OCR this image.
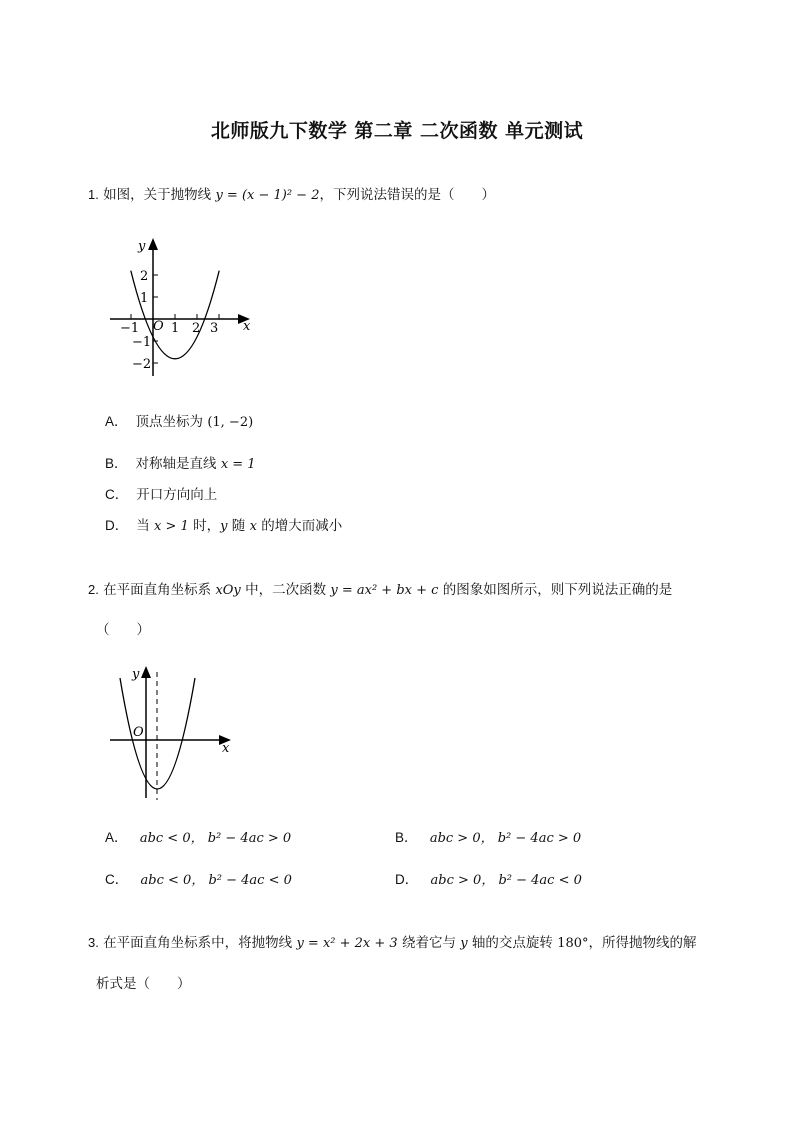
北师版九下数学 第二章 二次函数 单元测试
1. 如图，关于抛物线 y = (x − 1)² − 2，下列说法错误的是（　　）
y
x
O
2
1
−1
−2
−1 1 2 3
A． 顶点坐标为 (1, −2)
B． 对称轴是直线 x = 1
C． 开口方向向上
D． 当 x > 1 时，y 随 x 的增大而减小
2. 在平面直角坐标系 xOy 中，二次函数 y = ax² + bx + c 的图象如图所示，则下列说法正确的是
（　　）
y
x
O
A． abc < 0， b² − 4ac > 0	B． abc > 0， b² − 4ac > 0
C． abc < 0， b² − 4ac < 0	D． abc > 0， b² − 4ac < 0
3. 在平面直角坐标系中，将抛物线 y = x² + 2x + 3 绕着它与 y 轴的交点旋转 180°，所得抛物线的解
析式是（　　）
